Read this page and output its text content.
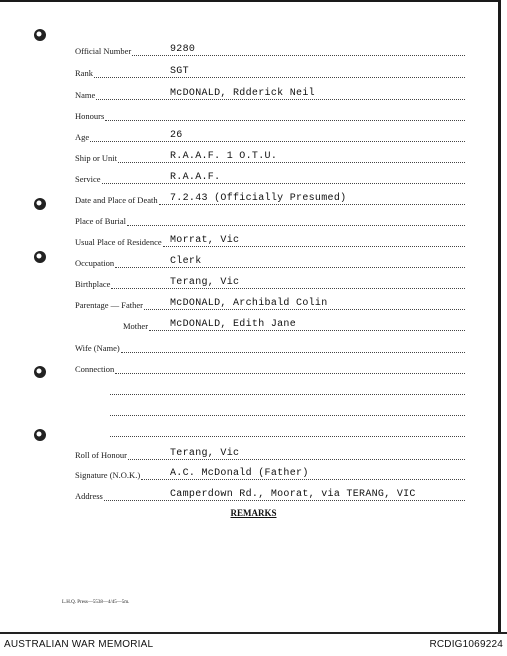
Official Number	9280
Rank	SGT
Name	McDONALD, Rdderick Neil
Honours
Age	26
Ship or Unit	R.A.A.F. 1 O.T.U.
Service	R.A.A.F.
Date and Place of Death 7.2.43 (Officially Presumed)
Place of Burial
Usual Place of Residence Morrat, Vic
Occupation	Clerk
Birthplace	Terang, Vic
Parentage — Father	McDONALD, Archibald Colin
Mother McDONALD, Edith Jane
Wife (Name)
Connection
Roll of Honour	Terang, Vic
Signature (N.O.K.)	A.C. McDonald (Father)
Address	Camperdown Rd., Moorat, via TERANG, VIC
REMARKS
L.H.Q. Press—5538—4/45—5m.
AUSTRALIAN WAR MEMORIAL	RCDIG1069224
